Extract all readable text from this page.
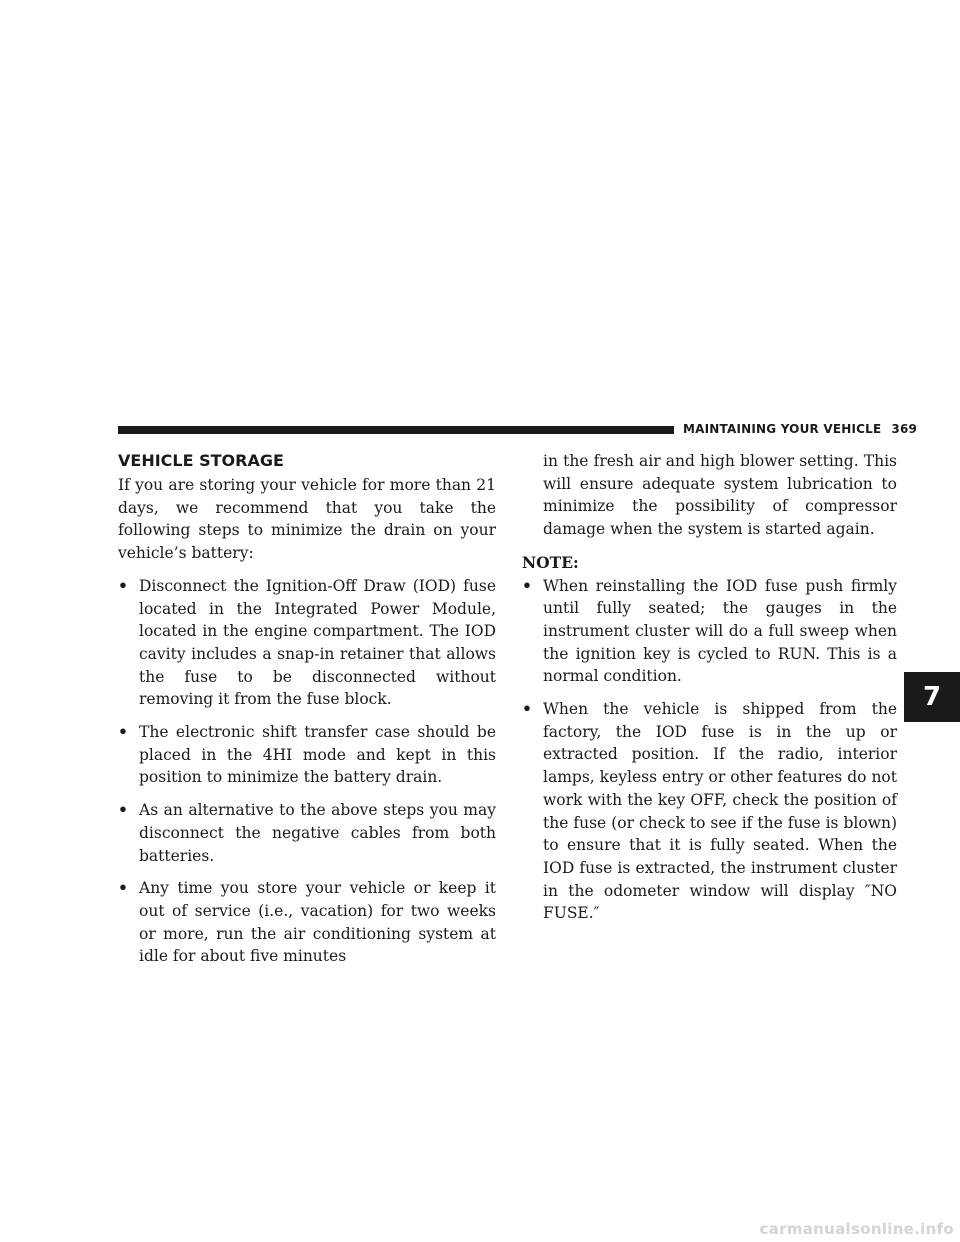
MAINTAINING YOUR VEHICLE 369
VEHICLE STORAGE

If you are storing your vehicle for more than 21 days, we recommend that you take the following steps to minimize the drain on your vehicle’s battery:

• Disconnect the Ignition-Off Draw (IOD) fuse located in the Integrated Power Module, located in the engine compartment. The IOD cavity includes a snap-in retainer that allows the fuse to be disconnected without removing it from the fuse block.
• The electronic shift transfer case should be placed in the 4HI mode and kept in this position to minimize the battery drain.
• As an alternative to the above steps you may disconnect the negative cables from both batteries.
• Any time you store your vehicle or keep it out of service (i.e., vacation) for two weeks or more, run the air conditioning system at idle for about five minutes

in the fresh air and high blower setting. This will ensure adequate system lubrication to minimize the possibility of compressor damage when the system is started again.

NOTE:

• When reinstalling the IOD fuse push firmly until fully seated; the gauges in the instrument cluster will do a full sweep when the ignition key is cycled to RUN. This is a normal condition.
• When the vehicle is shipped from the factory, the IOD fuse is in the up or extracted position. If the radio, interior lamps, keyless entry or other features do not work with the key OFF, check the position of the fuse (or check to see if the fuse is blown) to ensure that it is fully seated. When the IOD fuse is extracted, the instrument cluster in the odometer window will display ″NO FUSE.″
7
carmanualsonline.info
